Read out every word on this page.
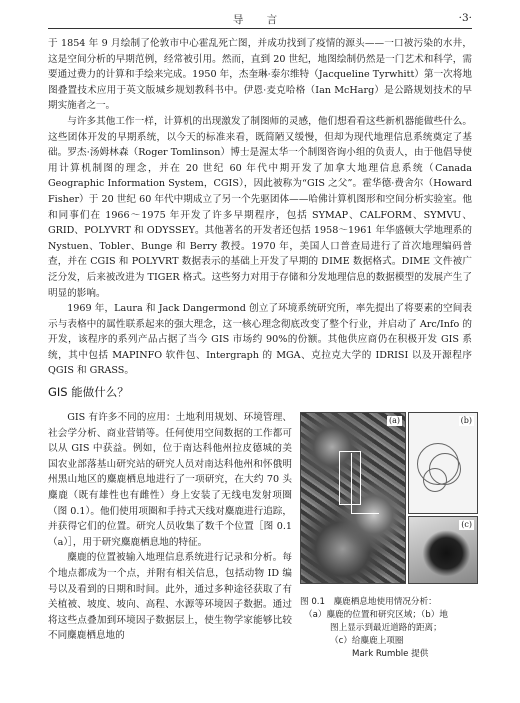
导 言	·3·

于 1854 年 9 月绘制了伦敦市中心霍乱死亡图，并成功找到了疫情的源头——一口被污染的水井，这是空间分析的早期范例，经常被引用。然而，直到 20 世纪，地图绘制仍然是一门艺术和科学，需要通过费力的计算和手绘来完成。1950 年，杰奎琳·泰尔维特（Jacqueline Tyrwhitt）第一次将地图叠置技术应用于英文版城乡规划教科书中。伊恩·麦克哈格（Ian McHarg）是公路规划技术的早期实施者之一。

与许多其他工作一样，计算机的出现激发了制图师的灵感，他们想看看这些新机器能做些什么。这些团体开发的早期系统，以今天的标准来看，既简陋又缓慢，但却为现代地理信息系统奠定了基础。罗杰·汤姆林森（Roger Tomlinson）博士是渥太华一个制图咨询小组的负责人，由于他倡导使用计算机制图的理念，并在 20 世纪 60 年代中期开发了加拿大地理信息系统（Canada Geographic Information System，CGIS），因此被称为“GIS 之父”。霍华德·费舍尔（Howard Fisher）于 20 世纪 60 年代中期成立了另一个先驱团体——哈佛计算机图形和空间分析实验室。他和同事们在 1966～1975 年开发了许多早期程序，包括 SYMAP、CALFORM、SYMVU、GRID、POLYVRT 和 ODYSSEY。其他著名的开发者还包括 1958～1961 年华盛顿大学地理系的 Nystuen、Tobler、Bunge 和 Berry 教授。1970 年，美国人口普查局进行了首次地理编码普查，并在 CGIS 和 POLYVRT 数据表示的基础上开发了早期的 DIME 数据格式。DIME 文件被广泛分发，后来被改进为 TIGER 格式。这些努力对用于存储和分发地理信息的数据模型的发展产生了明显的影响。

1969 年，Laura 和 Jack Dangermond 创立了环境系统研究所，率先提出了将要素的空间表示与表格中的属性联系起来的强大理念，这一核心理念彻底改变了整个行业，并启动了 Arc/Info 的开发，该程序的系列产品占据了当今 GIS 市场约 90%的份额。其他供应商仍在积极开发 GIS 系统，其中包括 MAPINFO 软件包、Intergraph 的 MGA、克拉克大学的 IDRISI 以及开源程序 QGIS 和 GRASS。

GIS 能做什么？

GIS 有许多不同的应用：土地利用规划、环境管理、社会学分析、商业营销等。任何使用空间数据的工作都可以从 GIS 中获益。例如，位于南达科他州拉皮德城的美国农业部落基山研究站的研究人员对南达科他州和怀俄明州黑山地区的麋鹿栖息地进行了一项研究，在大约 70 头麋鹿（既有雄性也有雌性）身上安装了无线电发射项圈（图 0.1）。他们使用项圈和手持式天线对麋鹿进行追踪，并获得它们的位置。研究人员收集了数千个位置［图 0.1（a）］，用于研究麋鹿栖息地的特征。

麋鹿的位置被输入地理信息系统进行记录和分析。每个地点都成为一个点，并附有相关信息，包括动物 ID 编号以及看到的日期和时间。此外，通过多种途径获取了有关植被、坡度、坡向、高程、水源等环境因子数据。通过将这些点叠加到环境因子数据层上，使生物学家能够比较不同麋鹿栖息地的

(a)	(b)
(c)
图 0.1　麋鹿栖息地使用情况分析：
（a）麋鹿的位置和研究区域；（b）地
图上显示到最近道路的距离；
（c）给麋鹿上项圈
Mark Rumble 提供
